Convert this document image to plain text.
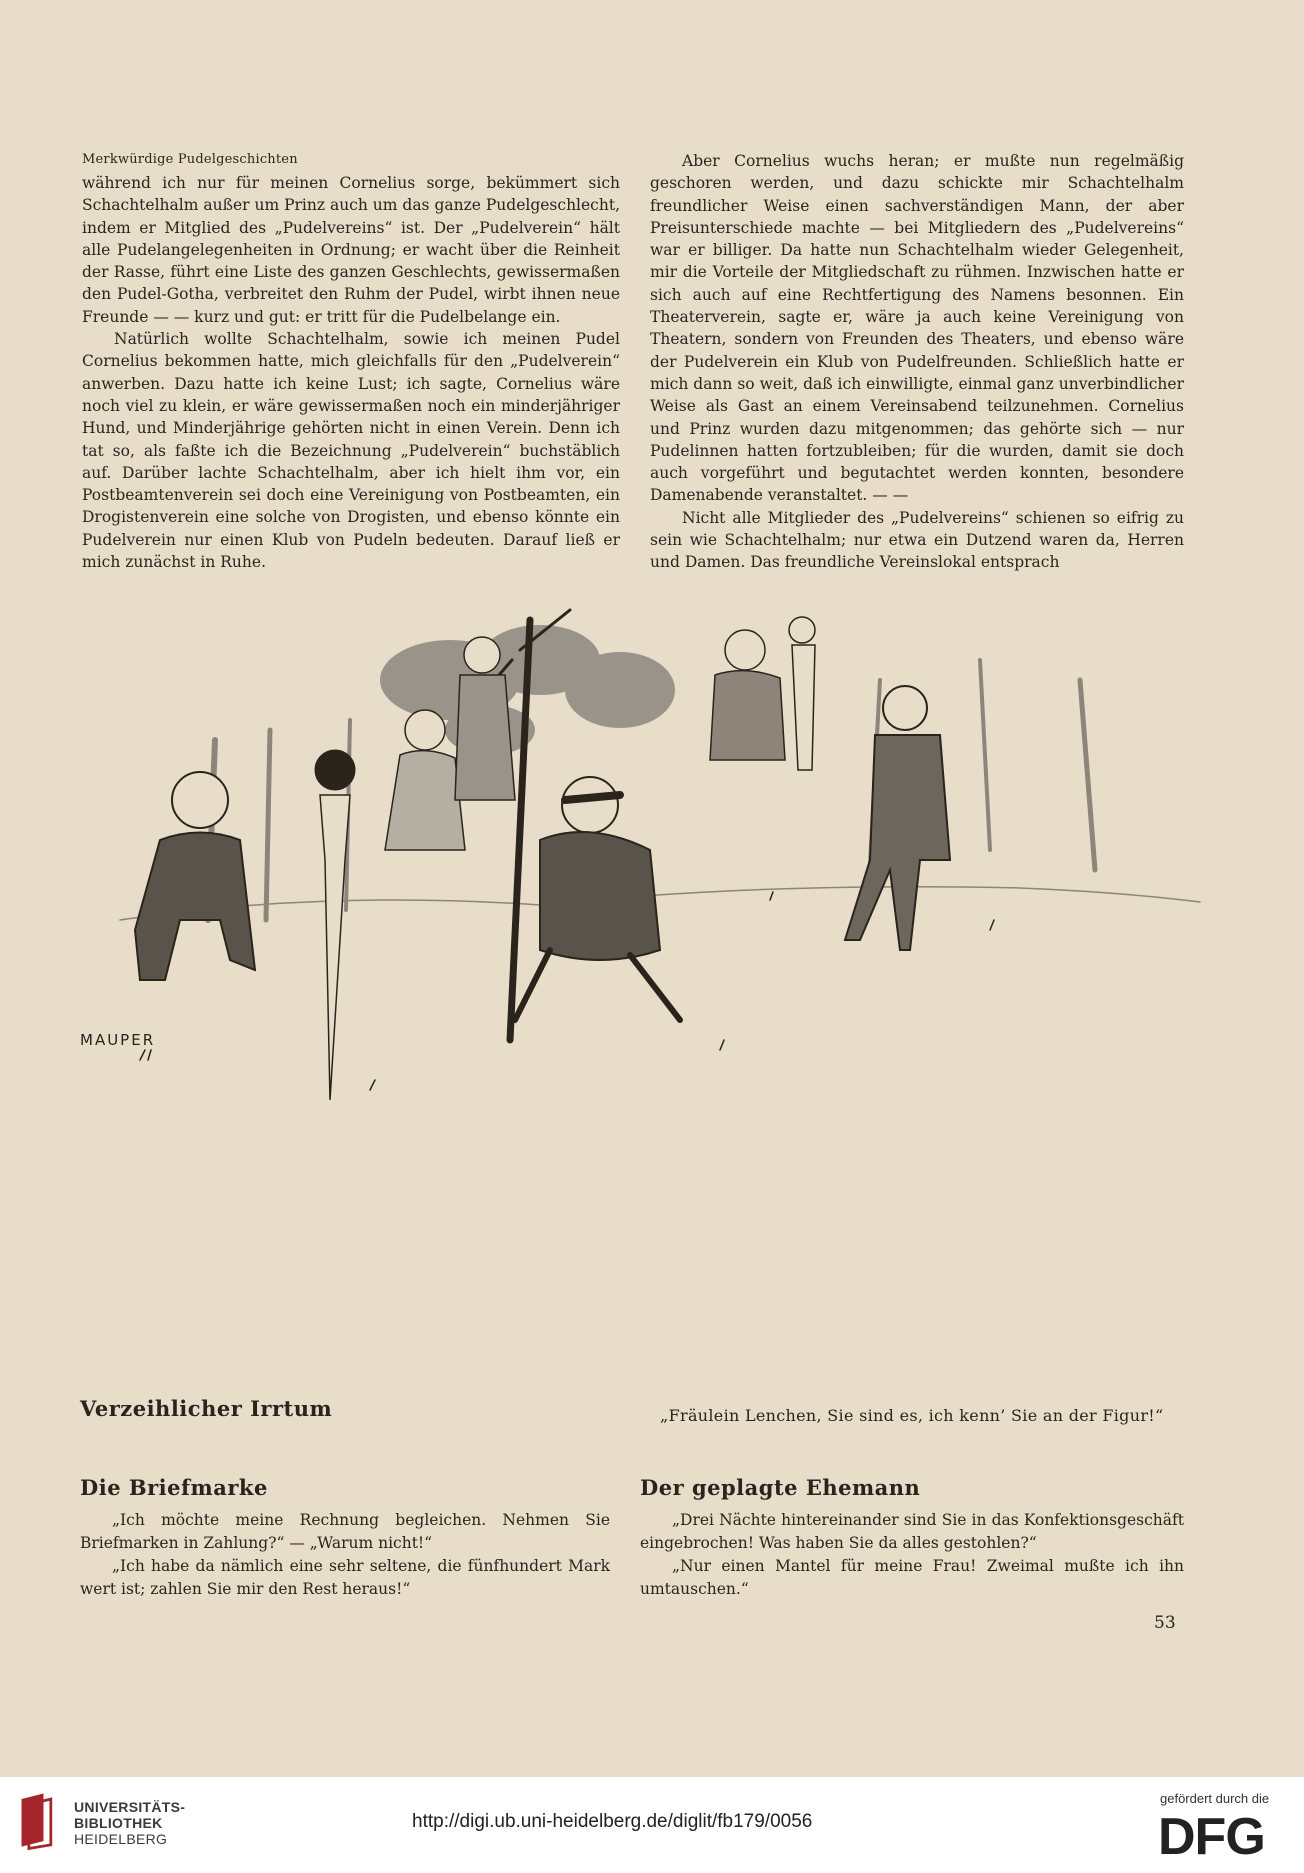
Merkwürdige Pudelgeschichten

während ich nur für meinen Cornelius sorge, bekümmert sich Schachtelhalm außer um Prinz auch um das ganze Pudelgeschlecht, indem er Mitglied des „Pudelvereins“ ist. Der „Pudelverein“ hält alle Pudelangelegenheiten in Ordnung; er wacht über die Reinheit der Rasse, führt eine Liste des ganzen Geschlechts, gewissermaßen den Pudel-Gotha, verbreitet den Ruhm der Pudel, wirbt ihnen neue Freunde — — kurz und gut: er tritt für die Pudelbelange ein.

Natürlich wollte Schachtelhalm, sowie ich meinen Pudel Cornelius bekommen hatte, mich gleichfalls für den „Pudelverein“ anwerben. Dazu hatte ich keine Lust; ich sagte, Cornelius wäre noch viel zu klein, er wäre gewissermaßen noch ein minderjähriger Hund, und Minderjährige gehörten nicht in einen Verein. Denn ich tat so, als faßte ich die Bezeichnung „Pudelverein“ buchstäblich auf. Darüber lachte Schachtelhalm, aber ich hielt ihm vor, ein Postbeamtenverein sei doch eine Vereinigung von Postbeamten, ein Drogistenverein eine solche von Drogisten, und ebenso könnte ein Pudelverein nur einen Klub von Pudeln bedeuten. Darauf ließ er mich zunächst in Ruhe.

Aber Cornelius wuchs heran; er mußte nun regelmäßig geschoren werden, und dazu schickte mir Schachtelhalm freundlicher Weise einen sachverständigen Mann, der aber Preisunterschiede machte — bei Mitgliedern des „Pudelvereins“ war er billiger. Da hatte nun Schachtelhalm wieder Gelegenheit, mir die Vorteile der Mitgliedschaft zu rühmen. Inzwischen hatte er sich auch auf eine Rechtfertigung des Namens besonnen. Ein Theaterverein, sagte er, wäre ja auch keine Vereinigung von Theatern, sondern von Freunden des Theaters, und ebenso wäre der Pudelverein ein Klub von Pudelfreunden. Schließlich hatte er mich dann so weit, daß ich einwilligte, einmal ganz unverbindlicher Weise als Gast an einem Vereinsabend teilzunehmen. Cornelius und Prinz wurden dazu mitgenommen; das gehörte sich — nur Pudelinnen hatten fortzubleiben; für die wurden, damit sie doch auch vorgeführt und begutachtet werden konnten, besondere Damenabende veranstaltet. — —

Nicht alle Mitglieder des „Pudelvereins“ schienen so eifrig zu sein wie Schachtelhalm; nur etwa ein Dutzend waren da, Herren und Damen. Das freundliche Vereinslokal entsprach

MAUPER
Verzeihlicher Irrtum	„Fräulein Lenchen, Sie sind es, ich kenn’ Sie an der Figur!“
Die Briefmarke

„Ich möchte meine Rechnung begleichen. Nehmen Sie Briefmarken in Zahlung?“ — „Warum nicht!“

„Ich habe da nämlich eine sehr seltene, die fünfhundert Mark wert ist; zahlen Sie mir den Rest heraus!“

Der geplagte Ehemann

„Drei Nächte hintereinander sind Sie in das Konfektionsgeschäft eingebrochen! Was haben Sie da alles gestohlen?“

„Nur einen Mantel für meine Frau! Zweimal mußte ich ihn umtauschen.“

53
UNIVERSITÄTS-
BIBLIOTHEK
HEIDELBERG
http://digi.ub.uni-heidelberg.de/diglit/fb179/0056
gefördert durch die
DFG
